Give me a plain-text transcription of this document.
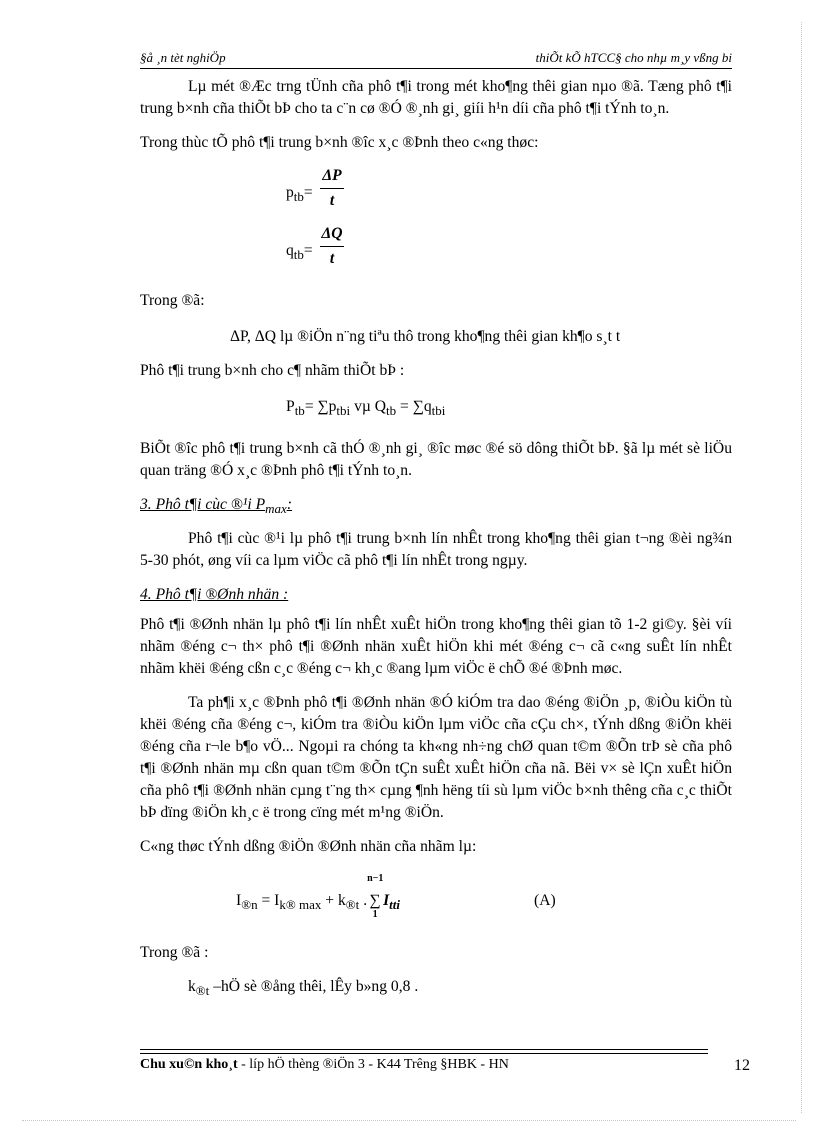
§å ¸n tèt nghiÖp	thiÕt kÕ hTCC§ cho nhµ m¸y vßng bi

Lµ mét ®Æc trng tÜnh cña phô t¶i trong mét kho¶ng thêi gian nµo ®ã. Tæng phô t¶i trung b×nh cña thiÕt bÞ cho ta c¨n cø ®Ó ®¸nh gi¸ giíi h¹n díi cña phô t¶i tÝnh to¸n.

Trong thùc tÕ phô t¶i trung b×nh ®îc x¸c ®Þnh theo c«ng thøc:

$p_{tb}=$
ΔP
t
$q_{tb}=$
ΔQ
t

Trong ®ã:

ΔP, ΔQ lµ ®iÖn n¨ng tiªu thô trong kho¶ng thêi gian kh¶o s¸t t

Phô t¶i trung b×nh cho c¶ nhãm thiÕt bÞ :

$P_{tb}= \sum p_{tbi}$ vµ $Q_{tb} = \sum q_{tbi}$

BiÕt ®îc phô t¶i trung b×nh cã thÓ ®¸nh gi¸ ®îc møc ®é sö dông thiÕt bÞ. §ã lµ mét sè liÖu quan träng ®Ó x¸c ®Þnh phô t¶i tÝnh to¸n.

3. Phô t¶i cùc ®¹i $P_{max}$:

Phô t¶i cùc ®¹i lµ phô t¶i trung b×nh lín nhÊt trong kho¶ng thêi gian t¬ng ®èi ng¾n 5-30 phót, øng víi ca lµm viÖc cã phô t¶i lín nhÊt trong ngµy.

4. Phô t¶i ®Ønh nhän :

Phô t¶i ®Ønh nhän lµ phô t¶i lín nhÊt xuÊt hiÖn trong kho¶ng thêi gian tõ 1-2 gi©y. §èi víi nhãm ®éng c¬ th× phô t¶i ®Ønh nhän xuÊt hiÖn khi mét ®éng c¬ cã c«ng suÊt lín nhÊt nhãm khëi ®éng cßn c¸c ®éng c¬ kh¸c ®ang lµm viÖc ë chÕ ®é ®Þnh møc.

Ta ph¶i x¸c ®Þnh phô t¶i ®Ønh nhän ®Ó kiÓm tra dao ®éng ®iÖn ¸p, ®iÒu kiÖn tù khëi ®éng cña ®éng c¬, kiÓm tra ®iÒu kiÖn lµm viÖc cña cÇu ch×, tÝnh dßng ®iÖn khëi ®éng cña r¬le b¶o vÖ... Ngoµi ra chóng ta kh«ng nh÷ng chØ quan t©m ®Õn trÞ sè cña phô t¶i ®Ønh nhän mµ cßn quan t©m ®Õn tÇn suÊt xuÊt hiÖn cña nã. Bëi v× sè lÇn xuÊt hiÖn cña phô t¶i ®Ønh nhän cµng t¨ng th× cµng ¶nh hëng tíi sù lµm viÖc b×nh thêng cña c¸c thiÕt bÞ dïng ®iÖn kh¸c ë trong cïng mét m¹ng ®iÖn.

C«ng thøc tÝnh dßng ®iÖn ®Ønh nhän cña nhãm lµ:

$I_{®n} = I_{k® max} + k_{®t}$ .
n−1
∑
1
$I_{tti}$	(A)

Trong ®ã :

$k_{®t}$ –hÖ sè ®ång thêi, lÊy b»ng 0,8 .

Chu xu©n kho¸t - líp hÖ thèng ®iÖn 3 - K44 Trêng §HBK - HN	12
